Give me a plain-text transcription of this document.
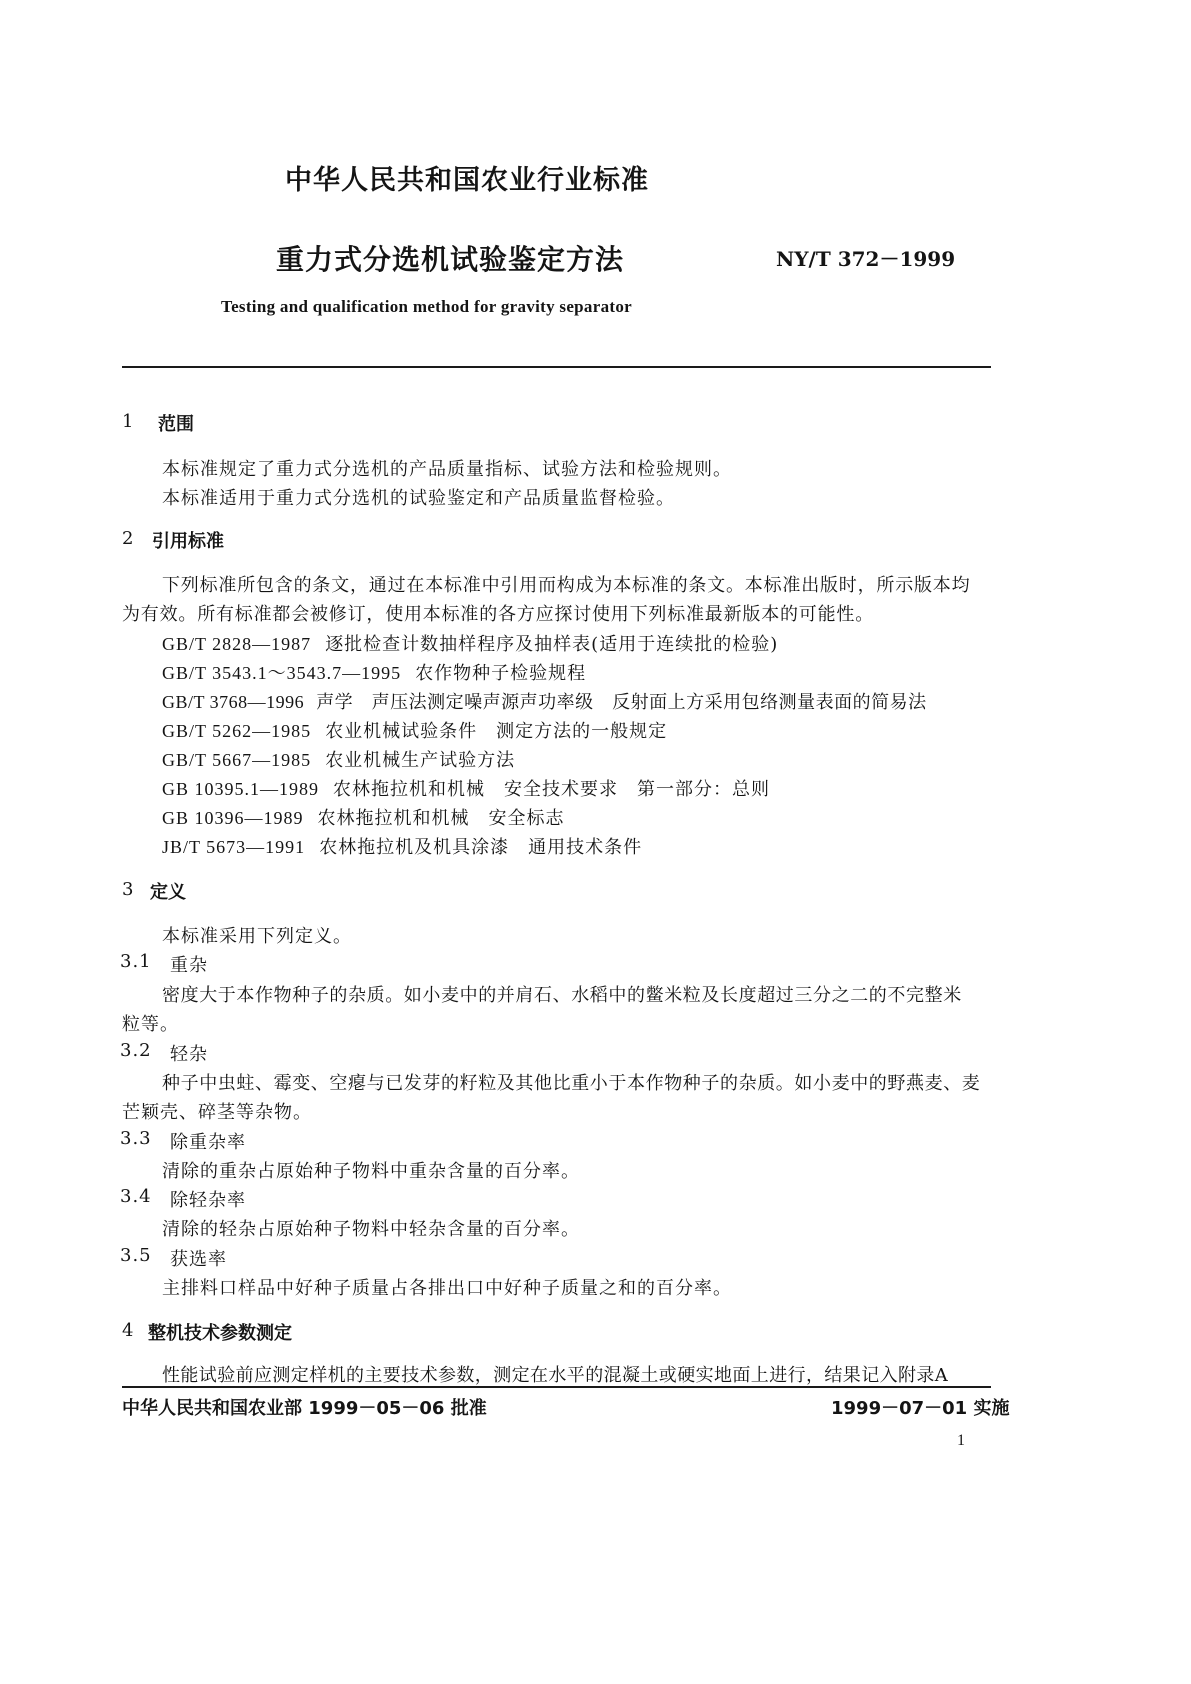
中华人民共和国农业行业标准
重力式分选机试验鉴定方法	NY/T 372－1999
Testing and qualification method for gravity separator
1 范围
本标准规定了重力式分选机的产品质量指标、试验方法和检验规则。
本标准适用于重力式分选机的试验鉴定和产品质量监督检验。
2 引用标准
下列标准所包含的条文，通过在本标准中引用而构成为本标准的条文。本标准出版时，所示版本均
为有效。所有标准都会被修订，使用本标准的各方应探讨使用下列标准最新版本的可能性。
GB/T 2828—1987 逐批检查计数抽样程序及抽样表(适用于连续批的检验)
GB/T 3543.1～3543.7—1995 农作物种子检验规程
GB/T 3768—1996 声学　声压法测定噪声源声功率级　反射面上方采用包络测量表面的简易法
GB/T 5262—1985 农业机械试验条件　测定方法的一般规定
GB/T 5667—1985 农业机械生产试验方法
GB 10395.1—1989 农林拖拉机和机械　安全技术要求　第一部分：总则
GB 10396—1989 农林拖拉机和机械　安全标志
JB/T 5673—1991 农林拖拉机及机具涂漆　通用技术条件
3 定义
本标准采用下列定义。
3.1 重杂
密度大于本作物种子的杂质。如小麦中的并肩石、水稻中的鳖米粒及长度超过三分之二的不完整米
粒等。
3.2 轻杂
种子中虫蛀、霉变、空瘪与已发芽的籽粒及其他比重小于本作物种子的杂质。如小麦中的野燕麦、麦
芒颖壳、碎茎等杂物。
3.3 除重杂率
清除的重杂占原始种子物料中重杂含量的百分率。
3.4 除轻杂率
清除的轻杂占原始种子物料中轻杂含量的百分率。
3.5 获选率
主排料口样品中好种子质量占各排出口中好种子质量之和的百分率。
4 整机技术参数测定
性能试验前应测定样机的主要技术参数，测定在水平的混凝土或硬实地面上进行，结果记入附录A
中华人民共和国农业部 1999－05－06 批准	1999－07－01 实施
1
